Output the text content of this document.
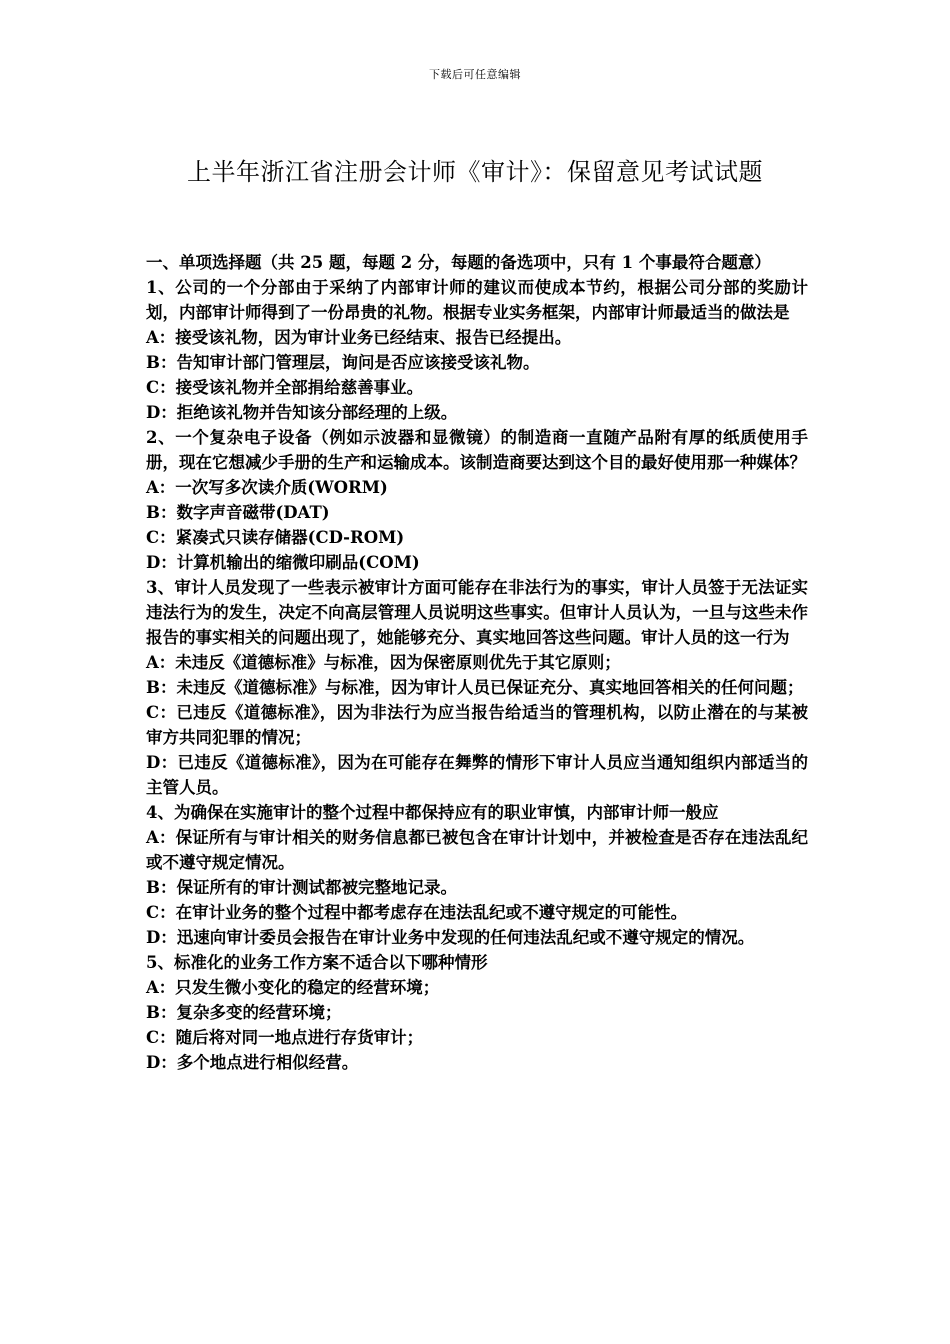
下载后可任意编辑
上半年浙江省注册会计师《审计》：保留意见考试试题

一、单项选择题（共 25 题，每题 2 分，每题的备选项中，只有 1 个事最符合题意）

1、公司的一个分部由于采纳了内部审计师的建议而使成本节约，根据公司分部的奖励计划，内部审计师得到了一份昂贵的礼物。根据专业实务框架，内部审计师最适当的做法是

A：接受该礼物，因为审计业务已经结束、报告已经提出。

B：告知审计部门管理层，询问是否应该接受该礼物。

C：接受该礼物并全部捐给慈善事业。

D：拒绝该礼物并告知该分部经理的上级。

2、一个复杂电子设备（例如示波器和显微镜）的制造商一直随产品附有厚的纸质使用手册，现在它想减少手册的生产和运输成本。该制造商要达到这个目的最好使用那一种媒体？

A：一次写多次读介质(WORM)

B：数字声音磁带(DAT)

C：紧凑式只读存储器(CD-ROM)

D：计算机输出的缩微印刷品(COM)

3、审计人员发现了一些表示被审计方面可能存在非法行为的事实，审计人员签于无法证实违法行为的发生，决定不向高层管理人员说明这些事实。但审计人员认为，一旦与这些未作报告的事实相关的问题出现了，她能够充分、真实地回答这些问题。审计人员的这一行为

A：未违反《道德标准》与标准，因为保密原则优先于其它原则；

B：未违反《道德标准》与标准，因为审计人员已保证充分、真实地回答相关的任何问题；

C：已违反《道德标准》，因为非法行为应当报告给适当的管理机构，以防止潜在的与某被审方共同犯罪的情况；

D：已违反《道德标准》，因为在可能存在舞弊的情形下审计人员应当通知组织内部适当的主管人员。

4、为确保在实施审计的整个过程中都保持应有的职业审慎，内部审计师一般应

A：保证所有与审计相关的财务信息都已被包含在审计计划中，并被检查是否存在违法乱纪或不遵守规定情况。

B：保证所有的审计测试都被完整地记录。

C：在审计业务的整个过程中都考虑存在违法乱纪或不遵守规定的可能性。

D：迅速向审计委员会报告在审计业务中发现的任何违法乱纪或不遵守规定的情况。

5、标准化的业务工作方案不适合以下哪种情形

A：只发生微小变化的稳定的经营环境；

B：复杂多变的经营环境；

C：随后将对同一地点进行存货审计；

D：多个地点进行相似经营。
